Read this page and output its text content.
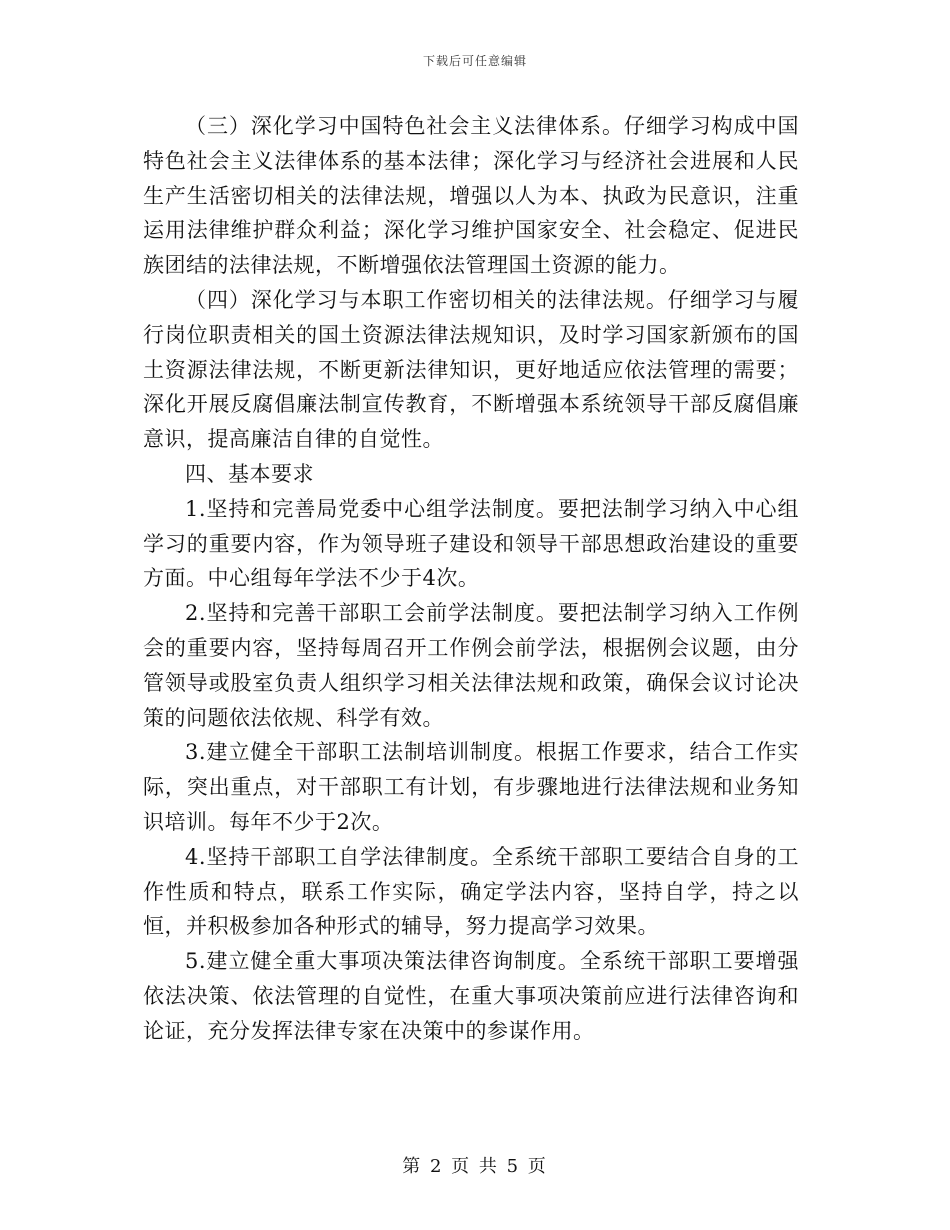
下载后可任意编辑

（三）深化学习中国特色社会主义法律体系。仔细学习构成中国特色社会主义法律体系的基本法律；深化学习与经济社会进展和人民生产生活密切相关的法律法规，增强以人为本、执政为民意识，注重运用法律维护群众利益；深化学习维护国家安全、社会稳定、促进民族团结的法律法规，不断增强依法管理国土资源的能力。

（四）深化学习与本职工作密切相关的法律法规。仔细学习与履行岗位职责相关的国土资源法律法规知识，及时学习国家新颁布的国土资源法律法规，不断更新法律知识，更好地适应依法管理的需要；深化开展反腐倡廉法制宣传教育，不断增强本系统领导干部反腐倡廉意识，提高廉洁自律的自觉性。

四、基本要求

1.坚持和完善局党委中心组学法制度。要把法制学习纳入中心组学习的重要内容，作为领导班子建设和领导干部思想政治建设的重要方面。中心组每年学法不少于4次。

2.坚持和完善干部职工会前学法制度。要把法制学习纳入工作例会的重要内容，坚持每周召开工作例会前学法，根据例会议题，由分管领导或股室负责人组织学习相关法律法规和政策，确保会议讨论决策的问题依法依规、科学有效。

3.建立健全干部职工法制培训制度。根据工作要求，结合工作实际，突出重点，对干部职工有计划，有步骤地进行法律法规和业务知识培训。每年不少于2次。

4.坚持干部职工自学法律制度。全系统干部职工要结合自身的工作性质和特点，联系工作实际，确定学法内容，坚持自学，持之以恒，并积极参加各种形式的辅导，努力提高学习效果。

5.建立健全重大事项决策法律咨询制度。全系统干部职工要增强依法决策、依法管理的自觉性，在重大事项决策前应进行法律咨询和论证，充分发挥法律专家在决策中的参谋作用。

第 2 页 共 5 页
